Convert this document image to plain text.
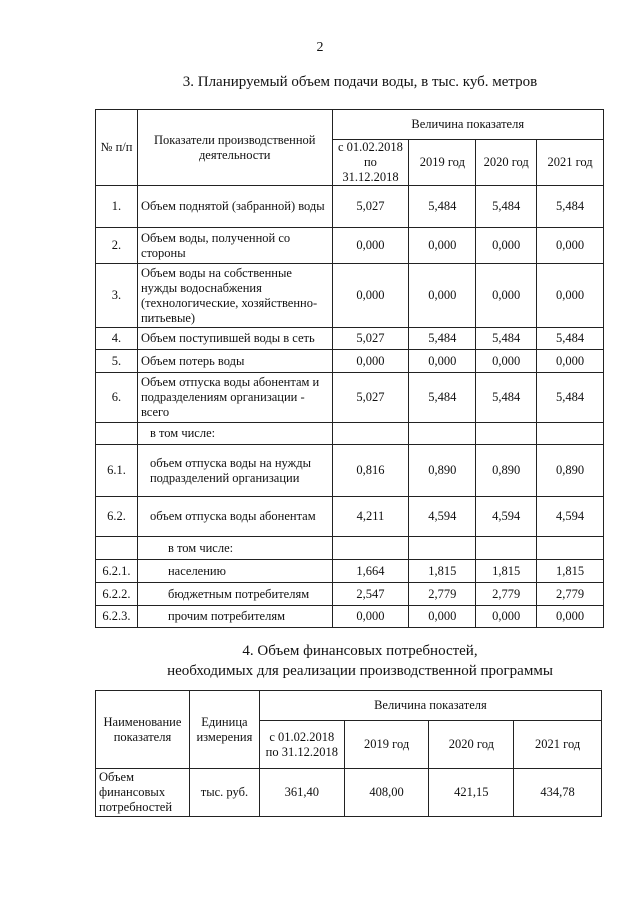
2
3. Планируемый объем подачи воды, в тыс. куб. метров
№ п/п	Показатели производственной деятельности	Величина показателя			
		с 01.02.2018 по 31.12.2018	2019 год	2020 год	2021 год
1.	Объем поднятой (забранной) воды	5,027	5,484	5,484	5,484
2.	Объем воды, полученной со стороны	0,000	0,000	0,000	0,000
3.	Объем воды на собственные нужды водоснабжения (технологические, хозяйственно-питьевые)	0,000	0,000	0,000	0,000
4.	Объем поступившей воды в сеть	5,027	5,484	5,484	5,484
5.	Объем потерь воды	0,000	0,000	0,000	0,000
6.	Объем отпуска воды абонентам и подразделениям организации - всего	5,027	5,484	5,484	5,484
	в том числе:				
6.1.	объем отпуска воды на нужды подразделений организации	0,816	0,890	0,890	0,890
6.2.	объем отпуска воды абонентам	4,211	4,594	4,594	4,594
	в том числе:				
6.2.1.	населению	1,664	1,815	1,815	1,815
6.2.2.	бюджетным потребителям	2,547	2,779	2,779	2,779
6.2.3.	прочим потребителям	0,000	0,000	0,000	0,000
4. Объем финансовых потребностей,
необходимых для реализации производственной программы
Наименование показателя	Единица измерения	Величина показателя			
		с 01.02.2018 по 31.12.2018	2019 год	2020 год	2021 год
Объем финансовых потребностей	тыс. руб.	361,40	408,00	421,15	434,78
